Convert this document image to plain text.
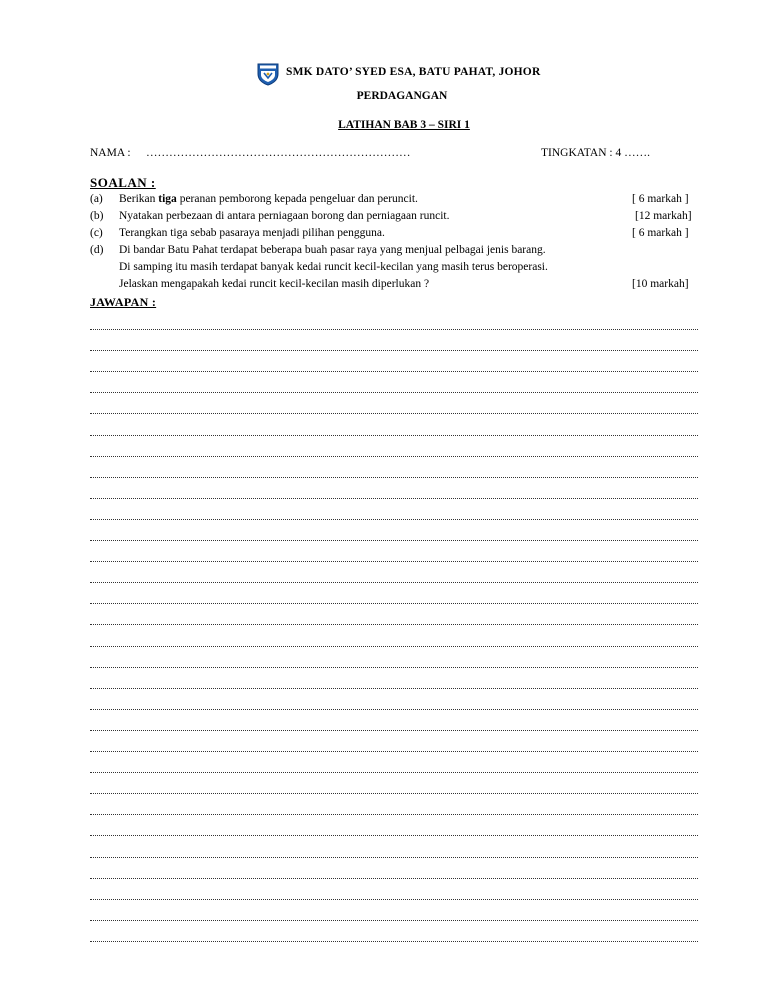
SMK DATO’ SYED ESA, BATU PAHAT, JOHOR
PERDAGANGAN
LATIHAN BAB 3 – SIRI 1
NAMA : ……………………………………………………………	TINGKATAN : 4 …….
SOALAN :
(a) Berikan tiga peranan pemborong kepada pengeluar dan peruncit.	[ 6 markah ]
(b) Nyatakan perbezaan di antara perniagaan borong dan perniagaan runcit.	[12 markah]
(c) Terangkan tiga sebab pasaraya menjadi pilihan pengguna.	[ 6 markah ]
(d) Di bandar Batu Pahat terdapat beberapa buah pasar raya yang menjual pelbagai jenis barang.
Di samping itu masih terdapat banyak kedai runcit kecil-kecilan yang masih terus beroperasi.
Jelaskan mengapakah kedai runcit kecil-kecilan masih diperlukan ?	[10 markah]
JAWAPAN :
